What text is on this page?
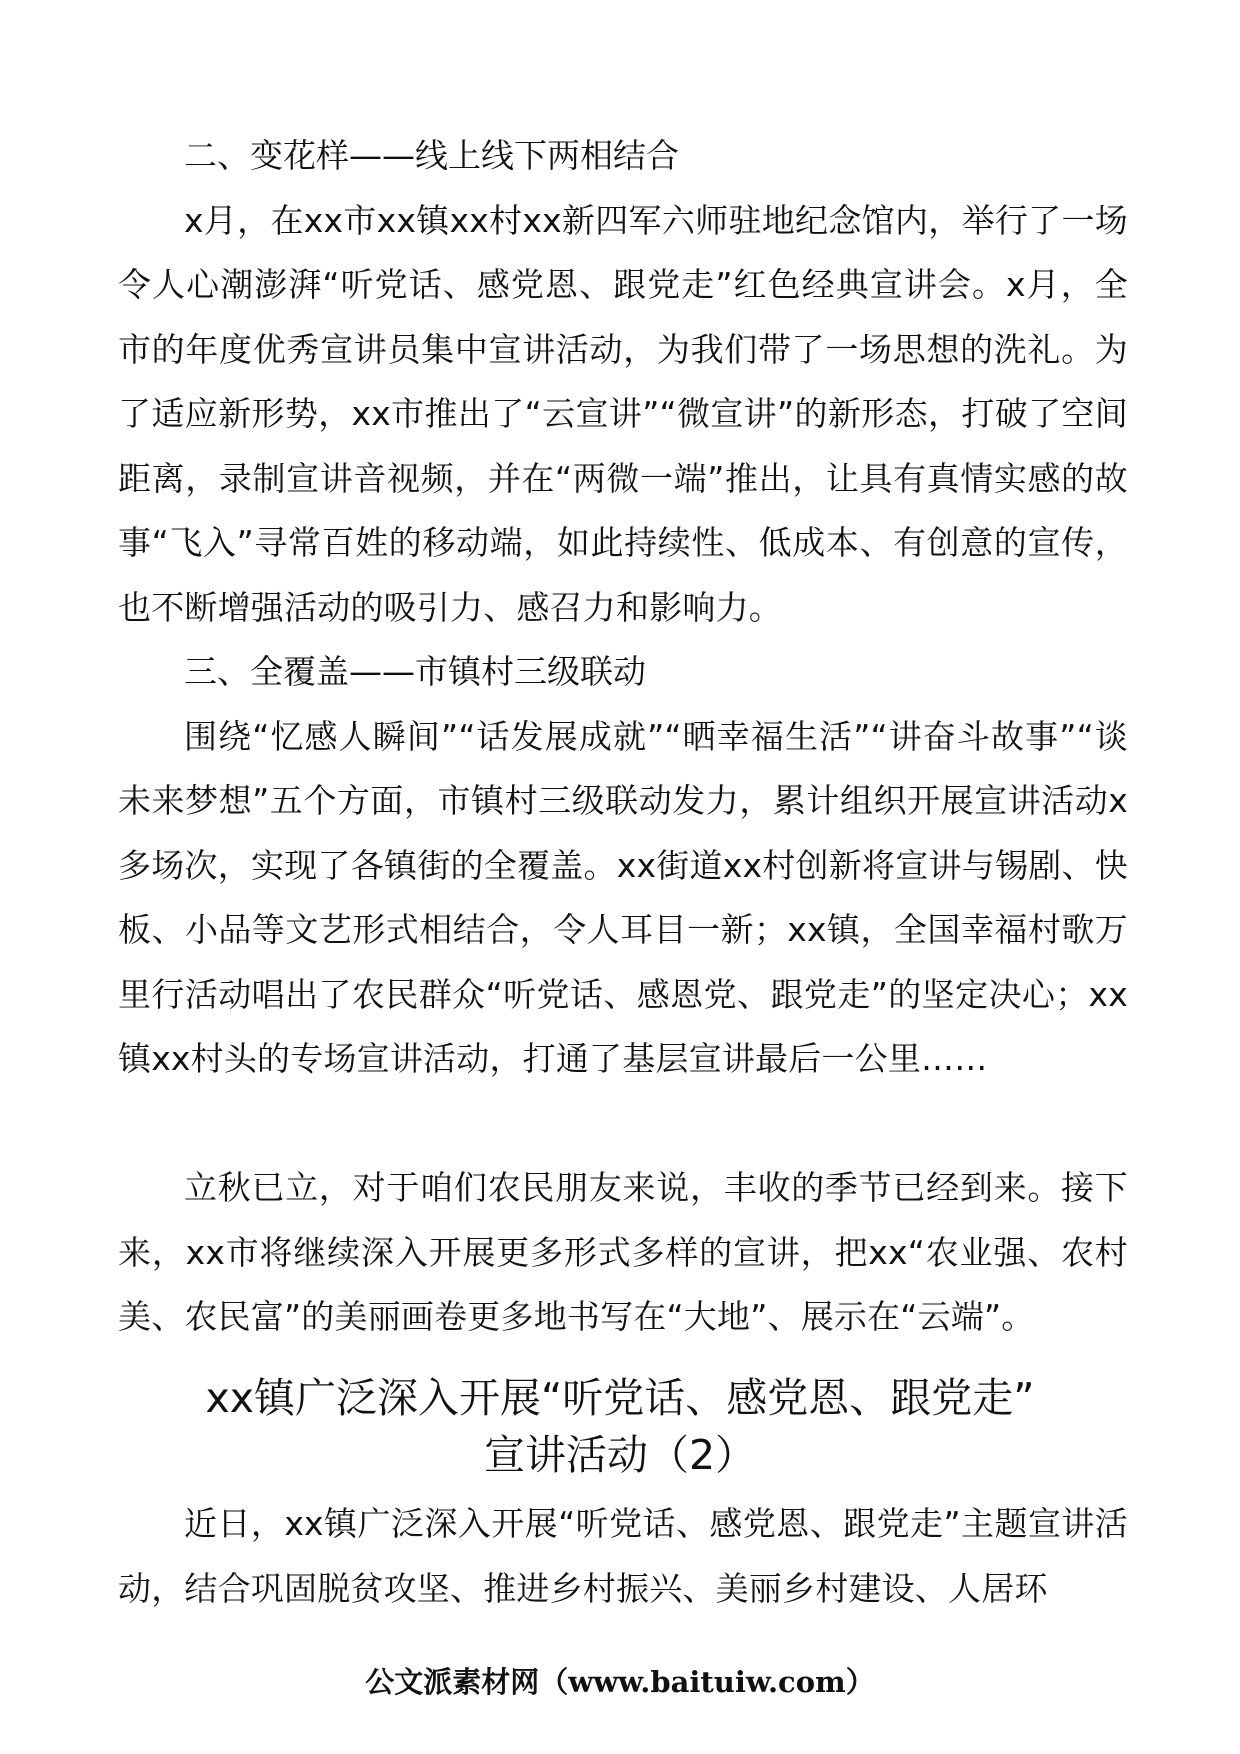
二、变花样——线上线下两相结合

x月，在xx市xx镇xx村xx新四军六师驻地纪念馆内，举行了一场令人心潮澎湃“听党话、感党恩、跟党走”红色经典宣讲会。x月，全市的年度优秀宣讲员集中宣讲活动，为我们带了一场思想的洗礼。为了适应新形势，xx市推出了“云宣讲”“微宣讲”的新形态，打破了空间距离，录制宣讲音视频，并在“两微一端”推出，让具有真情实感的故事“飞入”寻常百姓的移动端，如此持续性、低成本、有创意的宣传，也不断增强活动的吸引力、感召力和影响力。

三、全覆盖——市镇村三级联动

围绕“忆感人瞬间”“话发展成就”“晒幸福生活”“讲奋斗故事”“谈未来梦想”五个方面，市镇村三级联动发力，累计组织开展宣讲活动x多场次，实现了各镇街的全覆盖。xx街道xx村创新将宣讲与锡剧、快板、小品等文艺形式相结合，令人耳目一新；xx镇，全国幸福村歌万里行活动唱出了农民群众“听党话、感恩党、跟党走”的坚定决心；xx镇xx村头的专场宣讲活动，打通了基层宣讲最后一公里……

立秋已立，对于咱们农民朋友来说，丰收的季节已经到来。接下来，xx市将继续深入开展更多形式多样的宣讲，把xx“农业强、农村美、农民富”的美丽画卷更多地书写在“大地”、展示在“云端”。

xx镇广泛深入开展“听党话、感党恩、跟党走”
宣讲活动（2）

近日，xx镇广泛深入开展“听党话、感党恩、跟党走”主题宣讲活动，结合巩固脱贫攻坚、推进乡村振兴、美丽乡村建设、人居环

公文派素材网（www.baituiw.com）
